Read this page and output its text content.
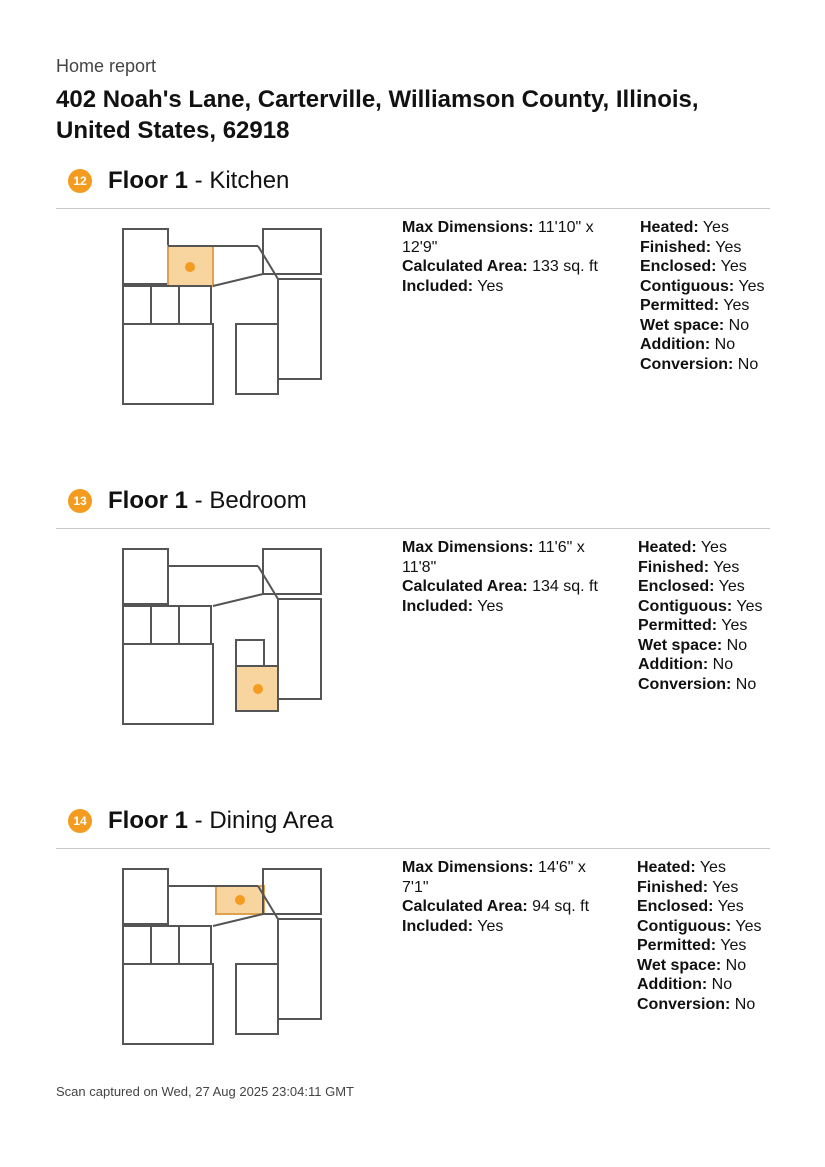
Home report
402 Noah's Lane, Carterville, Williamson County, Illinois, United States, 62918
12 Floor 1 - Kitchen
Max Dimensions: 11'10" x 12'9"
Calculated Area: 133 sq. ft
Included: Yes
Heated: Yes
Finished: Yes
Enclosed: Yes
Contiguous: Yes
Permitted: Yes
Wet space: No
Addition: No
Conversion: No
13 Floor 1 - Bedroom
Max Dimensions: 11'6" x 11'8"
Calculated Area: 134 sq. ft
Included: Yes
Heated: Yes
Finished: Yes
Enclosed: Yes
Contiguous: Yes
Permitted: Yes
Wet space: No
Addition: No
Conversion: No
14 Floor 1 - Dining Area
Max Dimensions: 14'6" x 7'1"
Calculated Area: 94 sq. ft
Included: Yes
Heated: Yes
Finished: Yes
Enclosed: Yes
Contiguous: Yes
Permitted: Yes
Wet space: No
Addition: No
Conversion: No
Scan captured on Wed, 27 Aug 2025 23:04:11 GMT
